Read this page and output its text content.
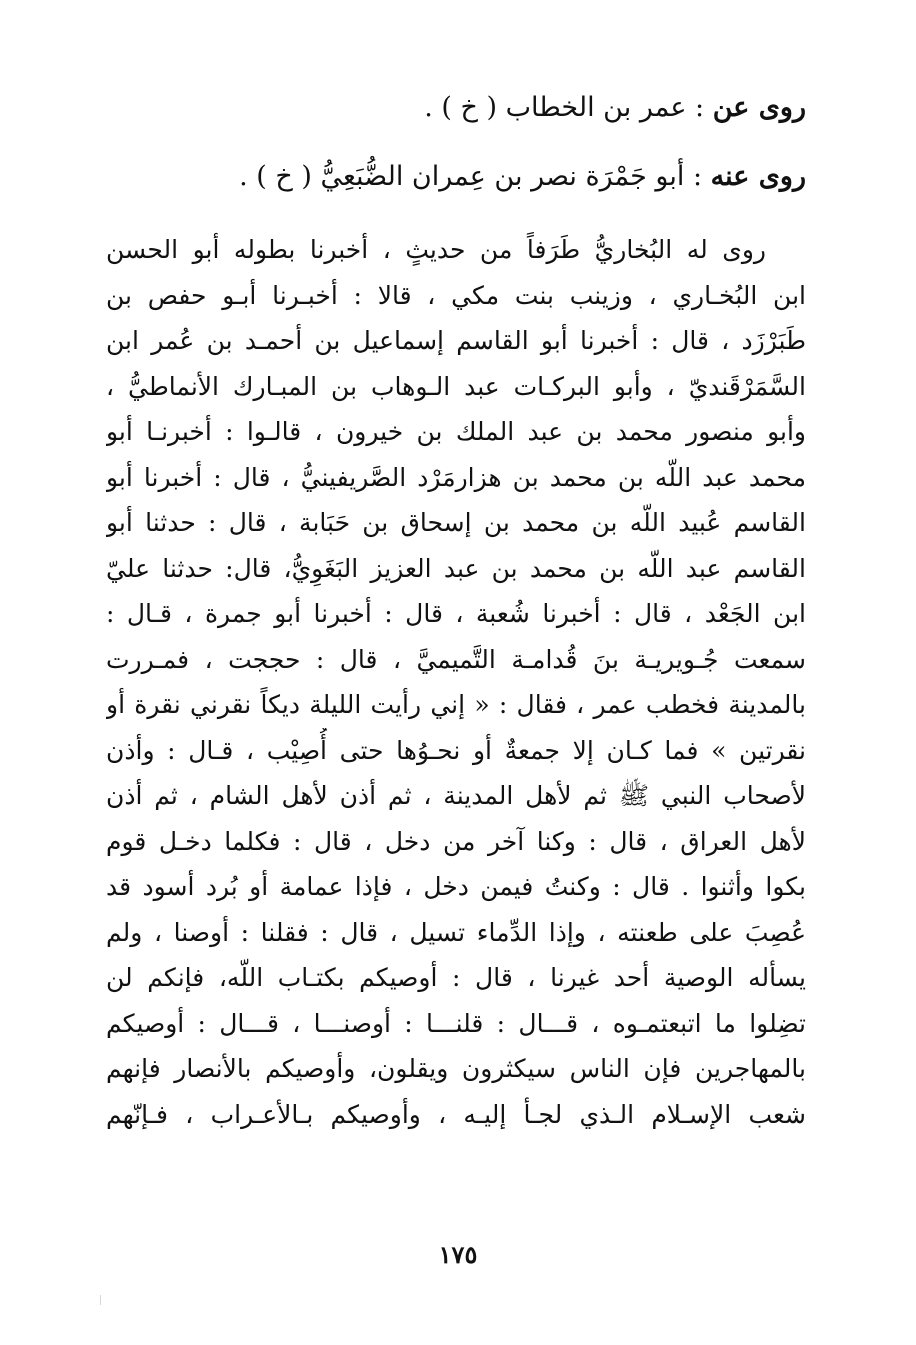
روى عن : عمر بن الخطاب ( خ ) .
روى عنه : أبو جَمْرَة نصر بن عِمران الضُّبَعِيُّ ( خ ) .
روى له البُخاريُّ طَرَفاً من حديثٍ ، أخبرنا بطوله أبو الحسن
ابن البُخـاري ، وزينب بنت مكي ، قالا : أخبـرنا أبـو حفص بن
طَبَرْزَد ، قال : أخبرنا أبو القاسم إسماعيل بن أحمـد بن عُمر ابن
السَّمَرْقَنديّ ، وأبو البركـات عبد الـوهاب بن المبـارك الأنماطيُّ ،
وأبو منصور محمد بن عبد الملك بن خيرون ، قالـوا : أخبرنـا أبو
محمد عبد اللّه بن محمد بن هزارمَرْد الصَّريفينيُّ ، قال : أخبرنا أبو
القاسم عُبيد اللّه بن محمد بن إسحاق بن حَبَابة ، قال : حدثنا أبو
القاسم عبد اللّه بن محمد بن عبد العزيز البَغَوِيُّ، قال: حدثنا عليّ
ابن الجَعْد ، قال : أخبرنا شُعبة ، قال : أخبرنا أبو جمرة ، قـال :
سمعت جُـويريـة بنَ قُدامـة التَّميميَّ ، قال : حججت ، فمـررت
بالمدينة فخطب عمر ، فقال : « إني رأيت الليلة ديكاً نقرني نقرة أو
نقرتين » فما كـان إلا جمعةٌ أو نحـوُها حتى أُصِيْب ، قـال : وأذن
لأصحاب النبي ﷺ ثم لأهل المدينة ، ثم أذن لأهل الشام ، ثم أذن
لأهل العراق ، قال : وكنا آخر من دخل ، قال : فكلما دخـل قوم
بكوا وأثنوا . قال : وكنتُ فيمن دخل ، فإذا عمامة أو بُرد أسود قد
عُصِبَ على طعنته ، وإذا الدِّماء تسيل ، قال : فقلنا : أوصنا ، ولم
يسأله الوصية أحد غيرنا ، قال : أوصيكم بكتـاب اللّه، فإنكم لن
تضِلوا ما اتبعتمـوه ، قـــال : قلنـــا : أوصنـــا ، قـــال : أوصيكم
بالمهاجرين فإن الناس سيكثرون ويقلون، وأوصيكم بالأنصار فإنهم
شعب الإسـلام الـذي لجـأ إليـه ، وأوصيكم بـالأعـراب ، فـإنّهم
١٧٥
